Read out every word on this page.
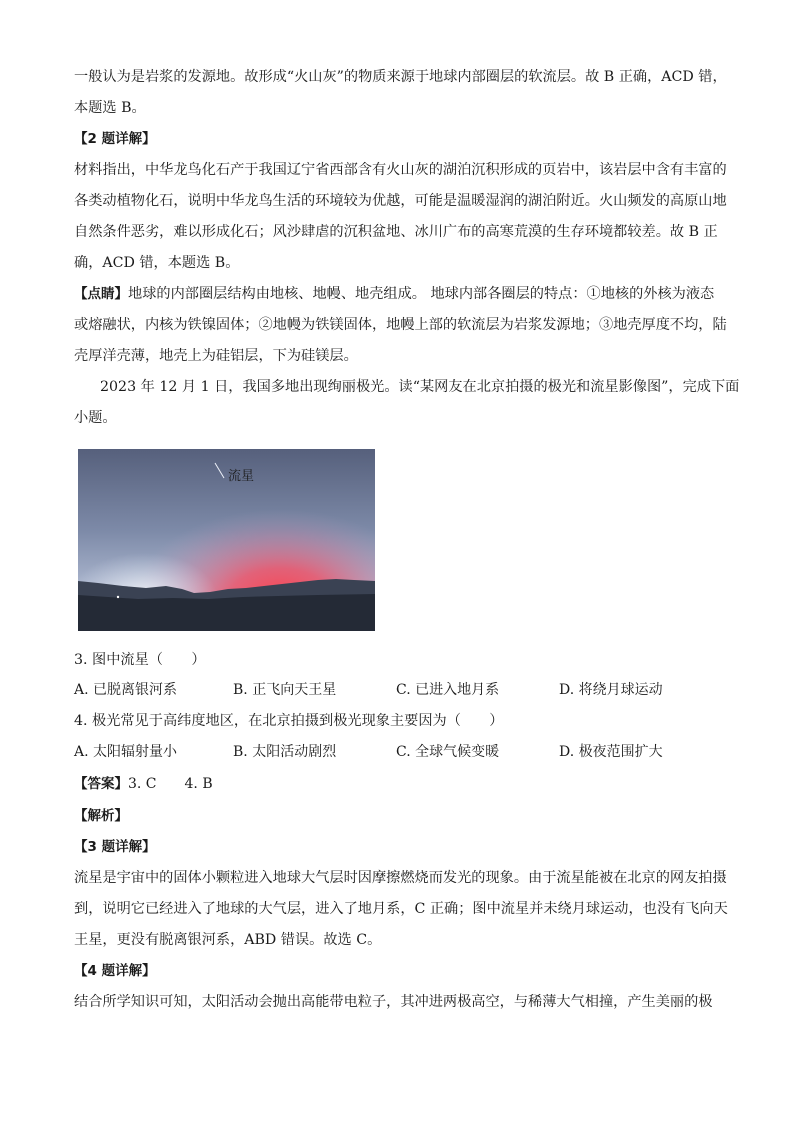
一般认为是岩浆的发源地。故形成“火山灰”的物质来源于地球内部圈层的软流层。故 B 正确，ACD 错，

本题选 B。

【2 题详解】

材料指出，中华龙鸟化石产于我国辽宁省西部含有火山灰的湖泊沉积形成的页岩中，该岩层中含有丰富的

各类动植物化石，说明中华龙鸟生活的环境较为优越，可能是温暖湿润的湖泊附近。火山频发的高原山地

自然条件恶劣，难以形成化石；风沙肆虐的沉积盆地、冰川广布的高寒荒漠的生存环境都较差。故 B 正

确，ACD 错，本题选 B。

【点睛】地球的内部圈层结构由地核、地幔、地壳组成。 地球内部各圈层的特点：①地核的外核为液态

或熔融状，内核为铁镍固体；②地幔为铁镁固体，地幔上部的软流层为岩浆发源地；③地壳厚度不均，陆

壳厚洋壳薄，地壳上为硅铝层，下为硅镁层。

2023 年 12 月 1 日，我国多地出现绚丽极光。读“某网友在北京拍摄的极光和流星影像图”，完成下面

小题。

流星

3. 图中流星（　　）

A. 已脱离银河系	B. 正飞向天王星	C. 已进入地月系	D. 将绕月球运动

4. 极光常见于高纬度地区，在北京拍摄到极光现象主要因为（　　）

A. 太阳辐射量小	B. 太阳活动剧烈	C. 全球气候变暖	D. 极夜范围扩大
【答案】3. C　　4. B

【解析】

【3 题详解】

流星是宇宙中的固体小颗粒进入地球大气层时因摩擦燃烧而发光的现象。由于流星能被在北京的网友拍摄

到，说明它已经进入了地球的大气层，进入了地月系，C 正确；图中流星并未绕月球运动，也没有飞向天

王星，更没有脱离银河系，ABD 错误。故选 C。

【4 题详解】

结合所学知识可知，太阳活动会抛出高能带电粒子，其冲进两极高空，与稀薄大气相撞，产生美丽的极
